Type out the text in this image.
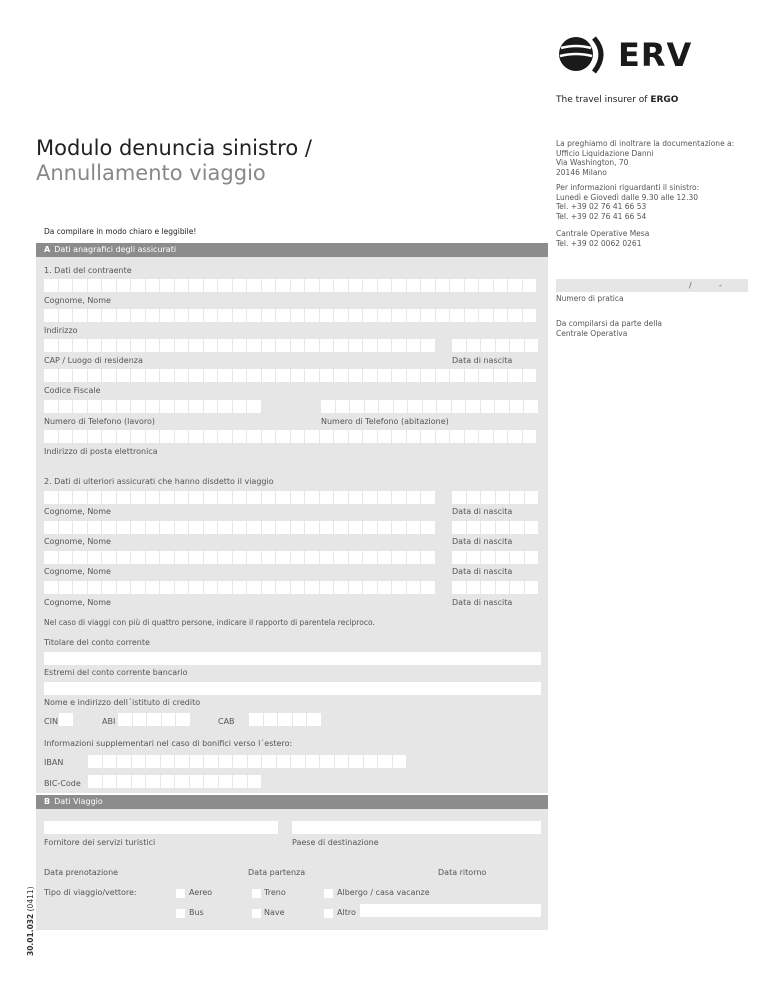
ERV
The travel insurer of ERGO
Modulo denuncia sinistro /
Annullamento viaggio
Da compilare in modo chiaro e leggibile!
La preghiamo di inoltrare la documentazione a:
Ufficio Liquidazione Danni
Via Washington, 70
20146 Milano
Per informazioni riguardanti il sinistro:
Lunedì e Giovedì dalle 9.30 alle 12.30
Tel. +39 02 76 41 66 53
Tel. +39 02 76 41 66 54
Cantrale Operative Mesa
Tel. +39 02 0062 0261
/	-
Numero di pratica
Da compilarsi da parte della
Centrale Operativa
A Dati anagrafici degli assicurati
1. Dati del contraente
Cognome, Nome
Indirizzo
CAP / Luogo di residenza	Data di nascita
Codice Fiscale
Numero di Telefono (lavoro)	Numero di Telefono (abitazione)
Indirizzo di posta elettronica
2. Dati di ulteriori assicurati che hanno disdetto il viaggio
Cognome, Nome	Data di nascita
Cognome, Nome	Data di nascita
Cognome, Nome	Data di nascita
Cognome, Nome	Data di nascita
Nel caso di viaggi con più di quattro persone, indicare il rapporto di parentela reciproco.
Titolare del conto corrente
Estremi del conto corrente bancario
Nome e indirizzo dell´istituto di credito
CIN	ABI	CAB
Informazioni supplementari nel caso di bonifici verso l´estero:
IBAN
BIC-Code
B Dati Viaggio
Fornitore dei servizi turistici	Paese di destinazione
Data prenotazione	Data partenza	Data ritorno
Tipo di viaggio/vettore:	Aereo	Treno	Albergo / casa vacanze
Bus	Nave	Altro
30.01.032 (0411)
